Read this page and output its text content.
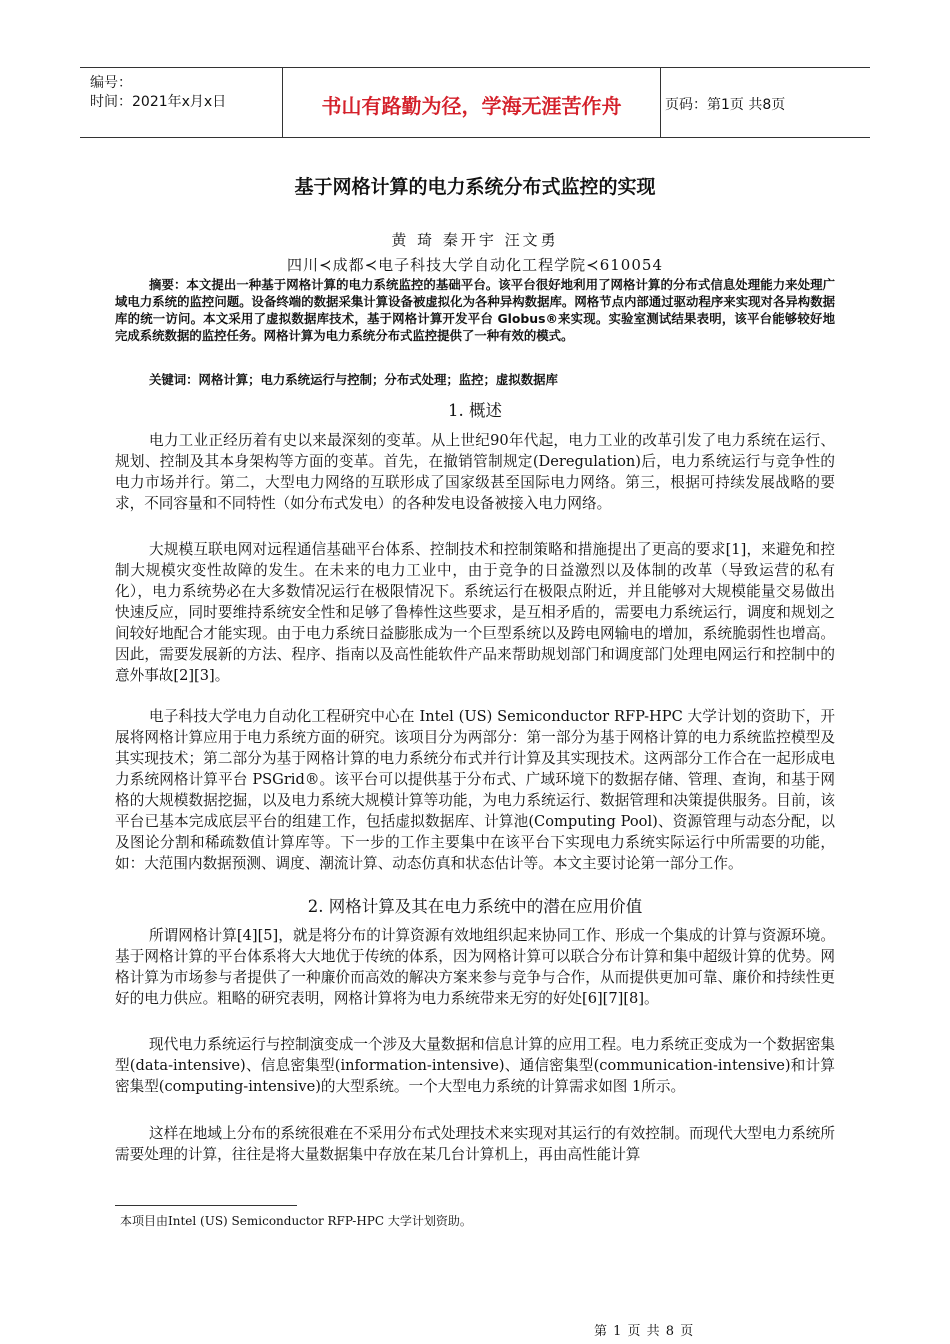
编号：
时间：2021年x月x日	书山有路勤为径，学海无涯苦作舟	页码：第1页 共8页
基于网格计算的电力系统分布式监控的实现
黄 琦 秦开宇 汪文勇
四川≺成都≺电子科技大学自动化工程学院≺610054

摘要：本文提出一种基于网格计算的电力系统监控的基础平台。该平台很好地利用了网格计算的分布式信息处理能力来处理广域电力系统的监控问题。设备终端的数据采集计算设备被虚拟化为各种异构数据库。网格节点内部通过驱动程序来实现对各异构数据库的统一访问。本文采用了虚拟数据库技术，基于网格计算开发平台 Globus®来实现。实验室测试结果表明，该平台能够较好地完成系统数据的监控任务。网格计算为电力系统分布式监控提供了一种有效的模式。

关键词：网格计算；电力系统运行与控制；分布式处理；监控；虚拟数据库
1. 概述

电力工业正经历着有史以来最深刻的变革。从上世纪90年代起，电力工业的改革引发了电力系统在运行、规划、控制及其本身架构等方面的变革。首先，在撤销管制规定(Deregulation)后，电力系统运行与竞争性的电力市场并行。第二，大型电力网络的互联形成了国家级甚至国际电力网络。第三，根据可持续发展战略的要求，不同容量和不同特性（如分布式发电）的各种发电设备被接入电力网络。

大规模互联电网对远程通信基础平台体系、控制技术和控制策略和措施提出了更高的要求[1]，来避免和控制大规模灾变性故障的发生。在未来的电力工业中，由于竞争的日益激烈以及体制的改革（导致运营的私有化），电力系统势必在大多数情况运行在极限情况下。系统运行在极限点附近，并且能够对大规模能量交易做出快速反应，同时要维持系统安全性和足够了鲁棒性这些要求，是互相矛盾的，需要电力系统运行，调度和规划之间较好地配合才能实现。由于电力系统日益膨胀成为一个巨型系统以及跨电网输电的增加，系统脆弱性也增高。因此，需要发展新的方法、程序、指南以及高性能软件产品来帮助规划部门和调度部门处理电网运行和控制中的意外事故[2][3]。

电子科技大学电力自动化工程研究中心在 Intel (US) Semiconductor RFP-HPC 大学计划的资助下，开展将网格计算应用于电力系统方面的研究。该项目分为两部分：第一部分为基于网格计算的电力系统监控模型及其实现技术；第二部分为基于网格计算的电力系统分布式并行计算及其实现技术。这两部分工作合在一起形成电力系统网格计算平台 PSGrid®。该平台可以提供基于分布式、广域环境下的数据存储、管理、查询，和基于网格的大规模数据挖掘，以及电力系统大规模计算等功能，为电力系统运行、数据管理和决策提供服务。目前，该平台已基本完成底层平台的组建工作，包括虚拟数据库、计算池(Computing Pool)、资源管理与动态分配，以及图论分割和稀疏数值计算库等。下一步的工作主要集中在该平台下实现电力系统实际运行中所需要的功能，如：大范围内数据预测、调度、潮流计算、动态仿真和状态估计等。本文主要讨论第一部分工作。

2. 网格计算及其在电力系统中的潜在应用价值

所谓网格计算[4][5]，就是将分布的计算资源有效地组织起来协同工作、形成一个集成的计算与资源环境。基于网格计算的平台体系将大大地优于传统的体系，因为网格计算可以联合分布计算和集中超级计算的优势。网格计算为市场参与者提供了一种廉价而高效的解决方案来参与竞争与合作，从而提供更加可靠、廉价和持续性更好的电力供应。粗略的研究表明，网格计算将为电力系统带来无穷的好处[6][7][8]。

现代电力系统运行与控制演变成一个涉及大量数据和信息计算的应用工程。电力系统正变成为一个数据密集型(data-intensive)、信息密集型(information-intensive)、通信密集型(communication-intensive)和计算密集型(computing-intensive)的大型系统。一个大型电力系统的计算需求如图 1所示。

这样在地域上分布的系统很难在不采用分布式处理技术来实现对其运行的有效控制。而现代大型电力系统所需要处理的计算，往往是将大量数据集中存放在某几台计算机上，再由高性能计算

本项目由Intel (US) Semiconductor RFP-HPC 大学计划资助。
第 1 页 共 8 页
